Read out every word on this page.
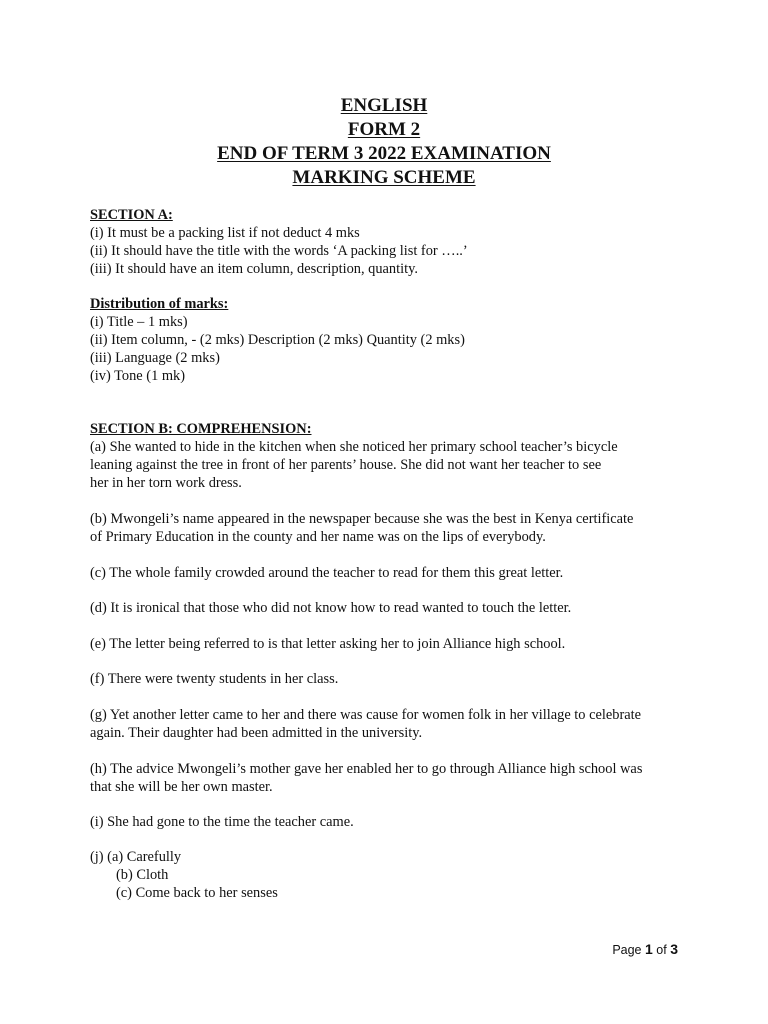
ENGLISH
FORM 2
END OF TERM 3 2022 EXAMINATION
MARKING SCHEME
SECTION A:
(i) It must be a packing list if not deduct 4 mks
(ii) It should have the title with the words ‘A packing list for …..’
(iii) It should have an item column, description, quantity.
Distribution of marks:
(i) Title – 1 mks)
(ii) Item column, - (2 mks) Description (2 mks) Quantity (2 mks)
(iii) Language (2 mks)
(iv) Tone (1 mk)
SECTION B: COMPREHENSION:
(a) She wanted to hide in the kitchen when she noticed her primary school teacher’s bicycle
leaning against the tree in front of her parents’ house. She did not want her teacher to see
her in her torn work dress.
(b) Mwongeli’s name appeared in the newspaper because she was the best in Kenya certificate
of Primary Education in the county and her name was on the lips of everybody.
(c) The whole family crowded around the teacher to read for them this great letter.
(d) It is ironical that those who did not know how to read wanted to touch the letter.
(e) The letter being referred to is that letter asking her to join Alliance high school.
(f) There were twenty students in her class.
(g) Yet another letter came to her and there was cause for women folk in her village to celebrate
again. Their daughter had been admitted in the university.
(h) The advice Mwongeli’s mother gave her enabled her to go through Alliance high school was
that she will be her own master.
(i) She had gone to the time the teacher came.
(j) (a) Carefully
(b) Cloth
(c) Come back to her senses
Page 1 of 3
